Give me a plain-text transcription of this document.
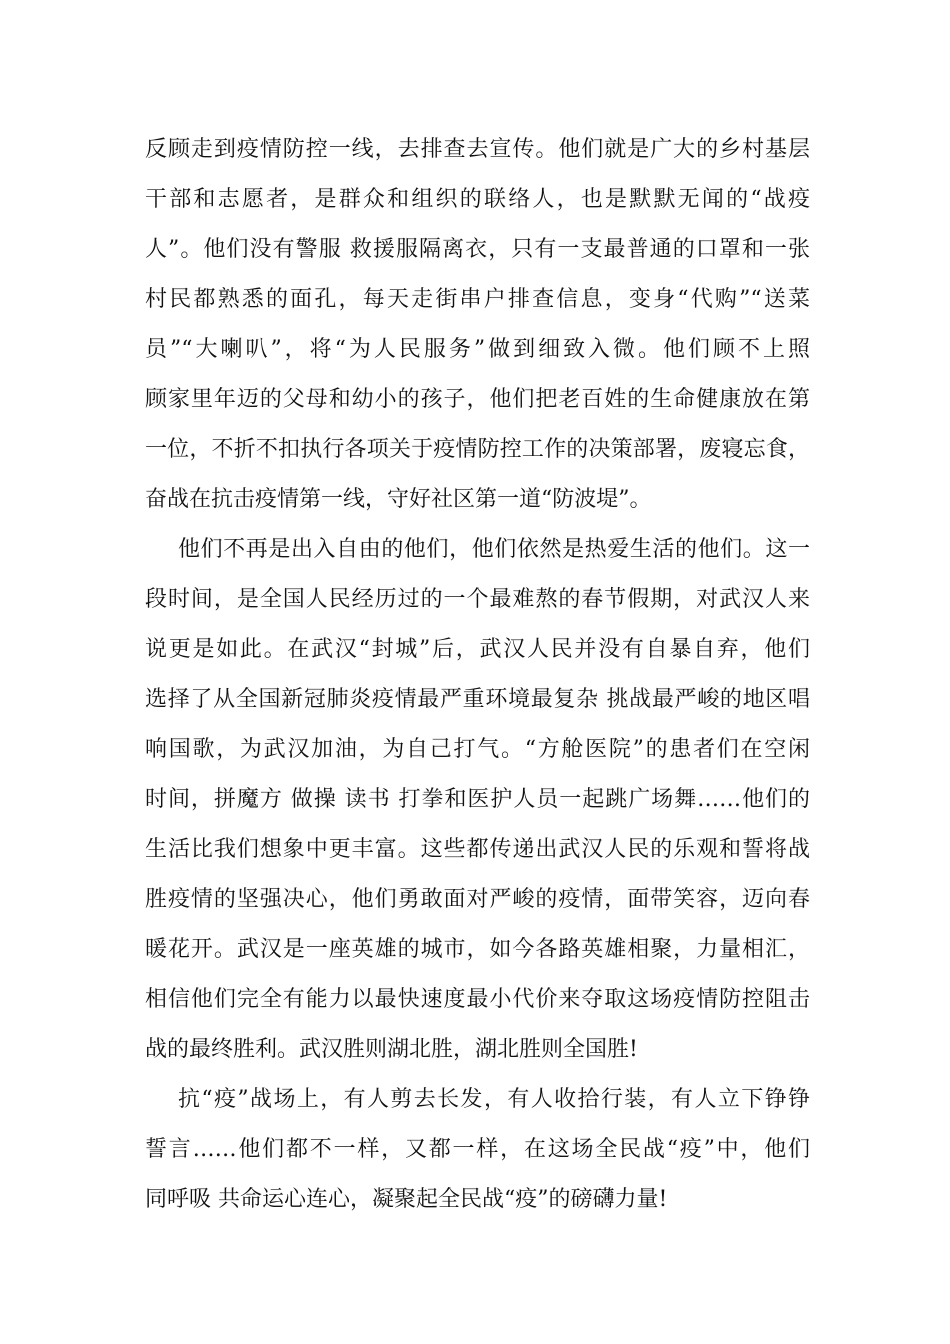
反顾走到疫情防控一线，去排查去宣传。他们就是广大的乡村基层
干部和志愿者，是群众和组织的联络人，也是默默无闻的“战疫
人”。他们没有警服 救援服隔离衣，只有一支最普通的口罩和一张
村民都熟悉的面孔，每天走街串户排查信息，变身“代购”“送菜
员”“大喇叭”，将“为人民服务”做到细致入微。他们顾不上照
顾家里年迈的父母和幼小的孩子，他们把老百姓的生命健康放在第
一位，不折不扣执行各项关于疫情防控工作的决策部署，废寝忘食，
奋战在抗击疫情第一线，守好社区第一道“防波堤”。
他们不再是出入自由的他们，他们依然是热爱生活的他们。这一
段时间，是全国人民经历过的一个最难熬的春节假期，对武汉人来
说更是如此。在武汉“封城”后，武汉人民并没有自暴自弃，他们
选择了从全国新冠肺炎疫情最严重环境最复杂 挑战最严峻的地区唱
响国歌，为武汉加油，为自己打气。“方舱医院”的患者们在空闲
时间，拼魔方 做操 读书 打拳和医护人员一起跳广场舞……他们的
生活比我们想象中更丰富。这些都传递出武汉人民的乐观和誓将战
胜疫情的坚强决心，他们勇敢面对严峻的疫情，面带笑容，迈向春
暖花开。武汉是一座英雄的城市，如今各路英雄相聚，力量相汇，
相信他们完全有能力以最快速度最小代价来夺取这场疫情防控阻击
战的最终胜利。武汉胜则湖北胜，湖北胜则全国胜!
抗“疫”战场上，有人剪去长发，有人收拾行装，有人立下铮铮
誓言……他们都不一样，又都一样，在这场全民战“疫”中，他们
同呼吸 共命运心连心，凝聚起全民战“疫”的磅礴力量!
